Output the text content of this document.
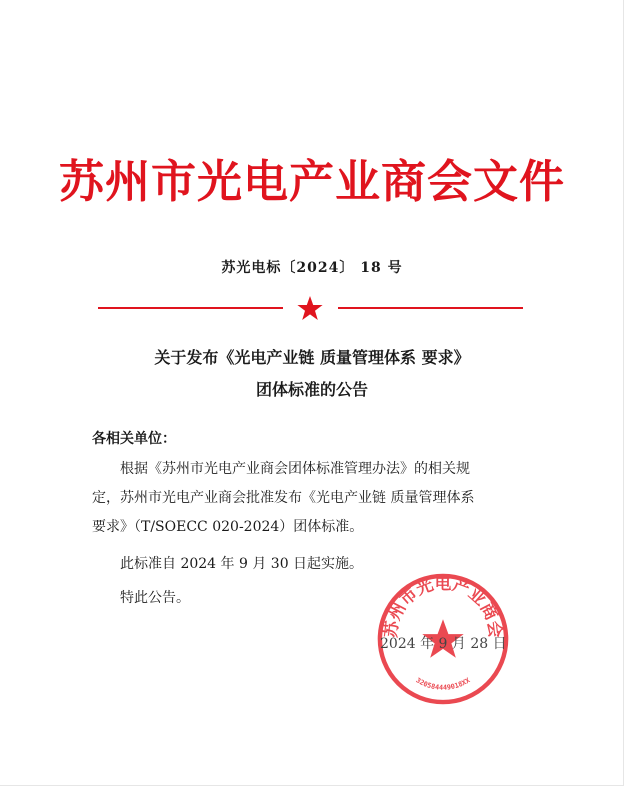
苏州市光电产业商会文件
苏光电标〔2024〕 18 号
关于发布《光电产业链 质量管理体系 要求》
团体标准的公告
各相关单位：
根据《苏州市光电产业商会团体标准管理办法》的相关规
定，苏州市光电产业商会批准发布《光电产业链 质量管理体系
要求》（T/SOECC 020-2024）团体标准。
此标准自 2024 年 9 月 30 日起实施。
特此公告。
苏州市光电产业商会
320584449018XX
2024 年 9 月 28 日
